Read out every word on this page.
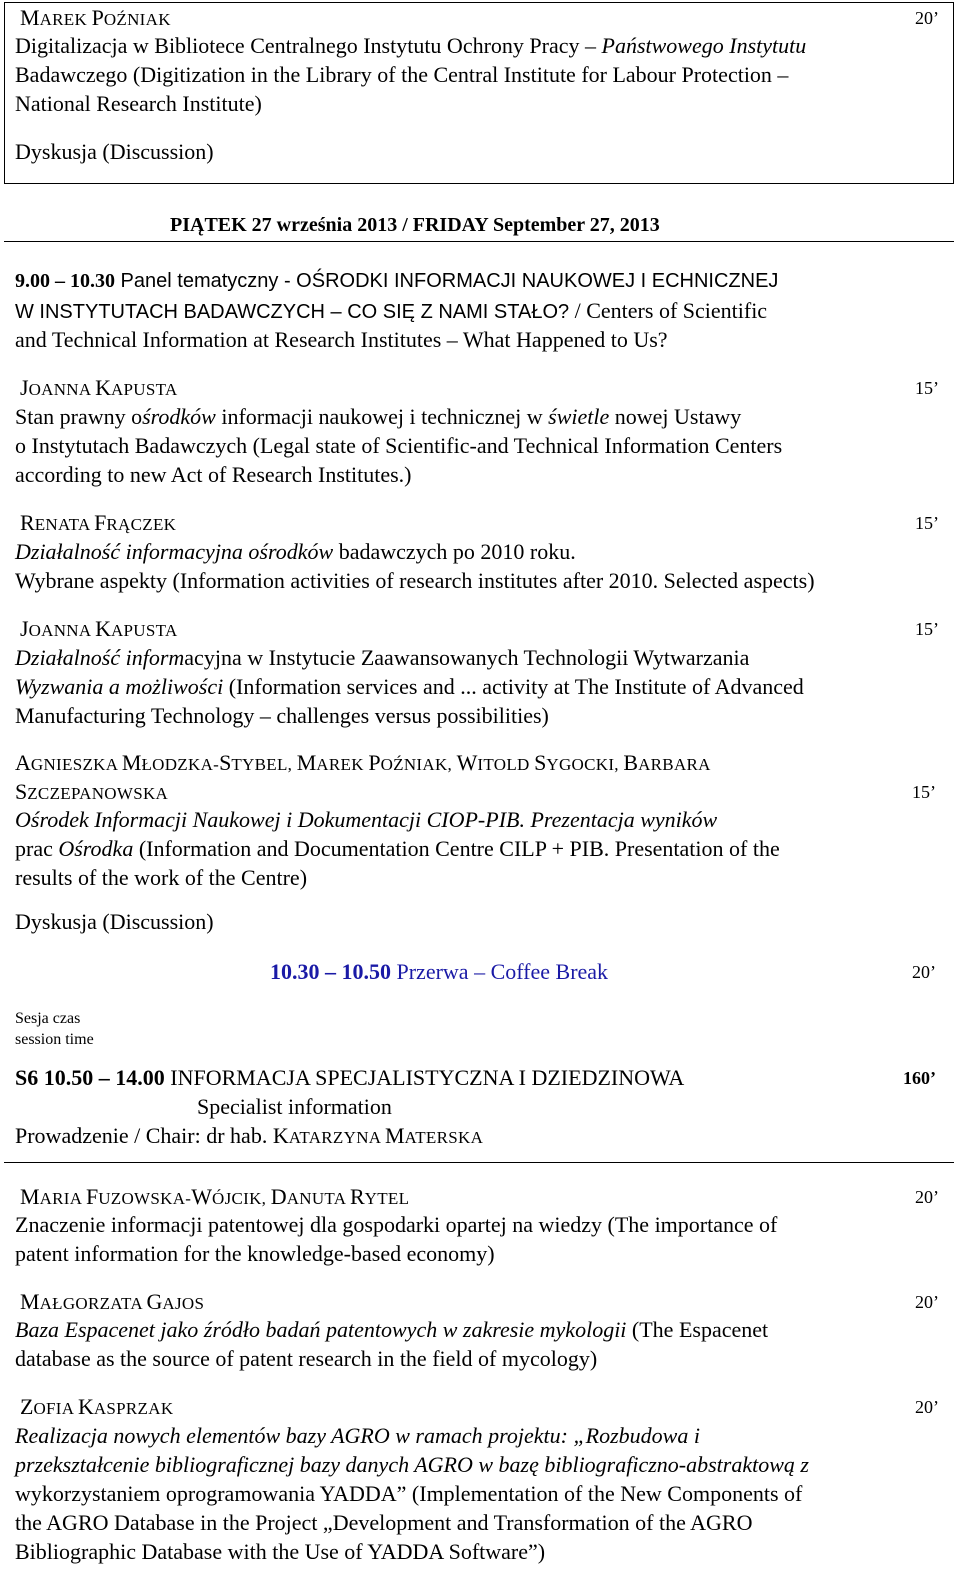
MAREK POŹNIAK	20’
Digitalizacja w Bibliotece Centralnego Instytutu Ochrony Pracy – Państwowego Instytutu
Badawczego (Digitization in the Library of the Central Institute for Labour Protection –
National Research Institute)
Dyskusja (Discussion)
PIĄTEK 27 września 2013 / FRIDAY September 27, 2013
9.00 – 10.30 Panel tematyczny - OŚRODKI INFORMACJI NAUKOWEJ I ECHNICZNEJ
W INSTYTUTACH BADAWCZYCH – CO SIĘ Z NAMI STAŁO? / Centers of Scientific
and Technical Information at Research Institutes – What Happened to Us?
JOANNA KAPUSTA	15’
Stan prawny ośrodków informacji naukowej i technicznej w świetle nowej Ustawy
o Instytutach Badawczych (Legal state of Scientific-and Technical Information Centers
according to new Act of Research Institutes.)
RENATA FRĄCZEK	15’
Działalność informacyjna ośrodków badawczych po 2010 roku.
Wybrane aspekty (Information activities of research institutes after 2010. Selected aspects)
JOANNA KAPUSTA	15’
Działalność informacyjna w Instytucie Zaawansowanych Technologii Wytwarzania
Wyzwania a możliwości (Information services and ... activity at The Institute of Advanced
Manufacturing Technology – challenges versus possibilities)
AGNIESZKA MŁODZKA-STYBEL, MAREK POŹNIAK, WITOLD SYGOCKI, BARBARA
SZCZEPANOWSKA	15’
Ośrodek Informacji Naukowej i Dokumentacji CIOP-PIB. Prezentacja wyników
prac Ośrodka (Information and Documentation Centre CILP + PIB. Presentation of the
results of the work of the Centre)
Dyskusja (Discussion)
10.30 – 10.50 Przerwa – Coffee Break	20’
Sesja czas
session time
S6 10.50 – 14.00 INFORMACJA SPECJALISTYCZNA I DZIEDZINOWA	160’
Specialist information
Prowadzenie / Chair: dr hab. KATARZYNA MATERSKA
MARIA FUZOWSKA-WÓJCIK, DANUTA RYTEL	20’
Znaczenie informacji patentowej dla gospodarki opartej na wiedzy (The importance of
patent information for the knowledge-based economy)
MAŁGORZATA GAJOS	20’
Baza Espacenet jako źródło badań patentowych w zakresie mykologii (The Espacenet
database as the source of patent research in the field of mycology)
ZOFIA KASPRZAK	20’
Realizacja nowych elementów bazy AGRO w ramach projektu: „Rozbudowa i
przekształcenie bibliograficznej bazy danych AGRO w bazę bibliograficzno-abstraktową z
wykorzystaniem oprogramowania YADDA” (Implementation of the New Components of
the AGRO Database in the Project „Development and Transformation of the AGRO
Bibliographic Database with the Use of YADDA Software”)
